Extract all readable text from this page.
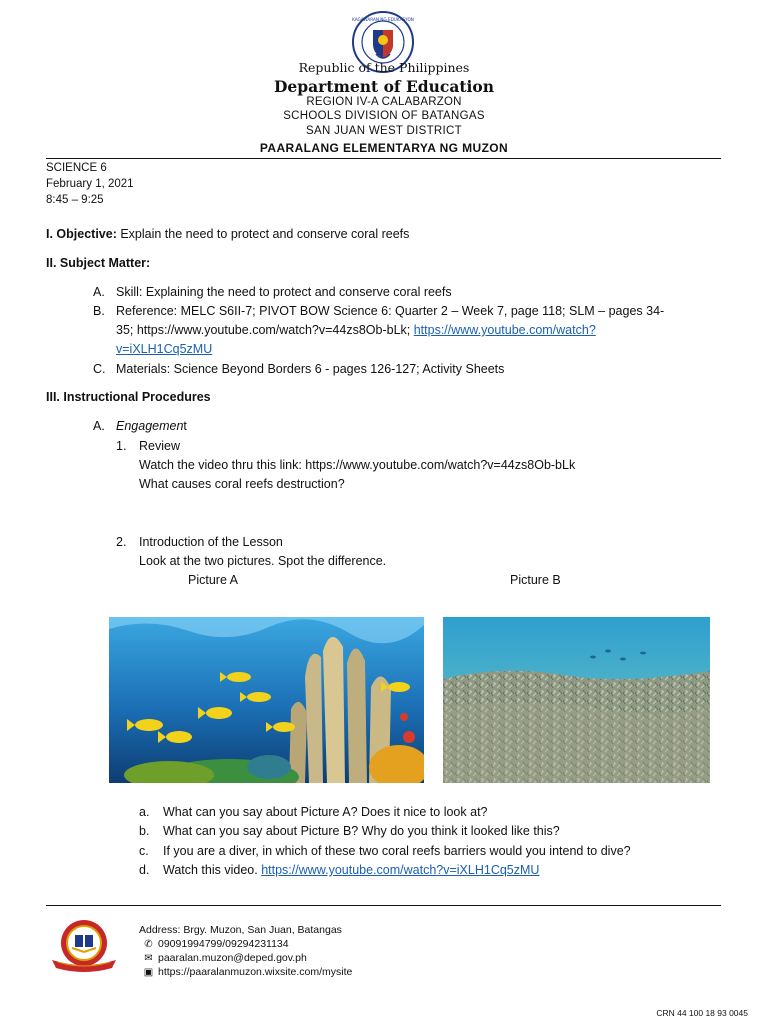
KAGAWARAN NG EDUKASYON
Republic of the Philippines
Department of Education
REGION IV-A CALABARZON
SCHOOLS DIVISION OF BATANGAS
SAN JUAN WEST DISTRICT
PAARALANG ELEMENTARYA NG MUZON
SCIENCE 6
February 1, 2021
8:45 – 9:25
I. Objective: Explain the need to protect and conserve coral reefs
II. Subject Matter:
A. Skill: Explaining the need to protect and conserve coral reefs
B. Reference: MELC S6II-7; PIVOT BOW Science 6: Quarter 2 – Week 7, page 118; SLM – pages 34-
35; https://www.youtube.com/watch?v=44zs8Ob-bLk; https://www.youtube.com/watch?
v=iXLH1Cq5zMU
C. Materials: Science Beyond Borders 6 - pages 126-127; Activity Sheets
III. Instructional Procedures
A. Engagement
1. Review
Watch the video thru this link: https://www.youtube.com/watch?v=44zs8Ob-bLk
What causes coral reefs destruction?
2. Introduction of the Lesson
Look at the two pictures. Spot the difference.
Picture A	Picture B
a. What can you say about Picture A? Does it nice to look at?
b. What can you say about Picture B? Why do you think it looked like this?
c. If you are a diver, in which of these two coral reefs barriers would you intend to dive?
d. Watch this video. https://www.youtube.com/watch?v=iXLH1Cq5zMU
Address: Brgy. Muzon, San Juan, Batangas
✆ 09091994799/09294231134
✉ paaralan.muzon@deped.gov.ph
▣ https://paaralanmuzon.wixsite.com/mysite
CRN 44 100 18 93 0045
